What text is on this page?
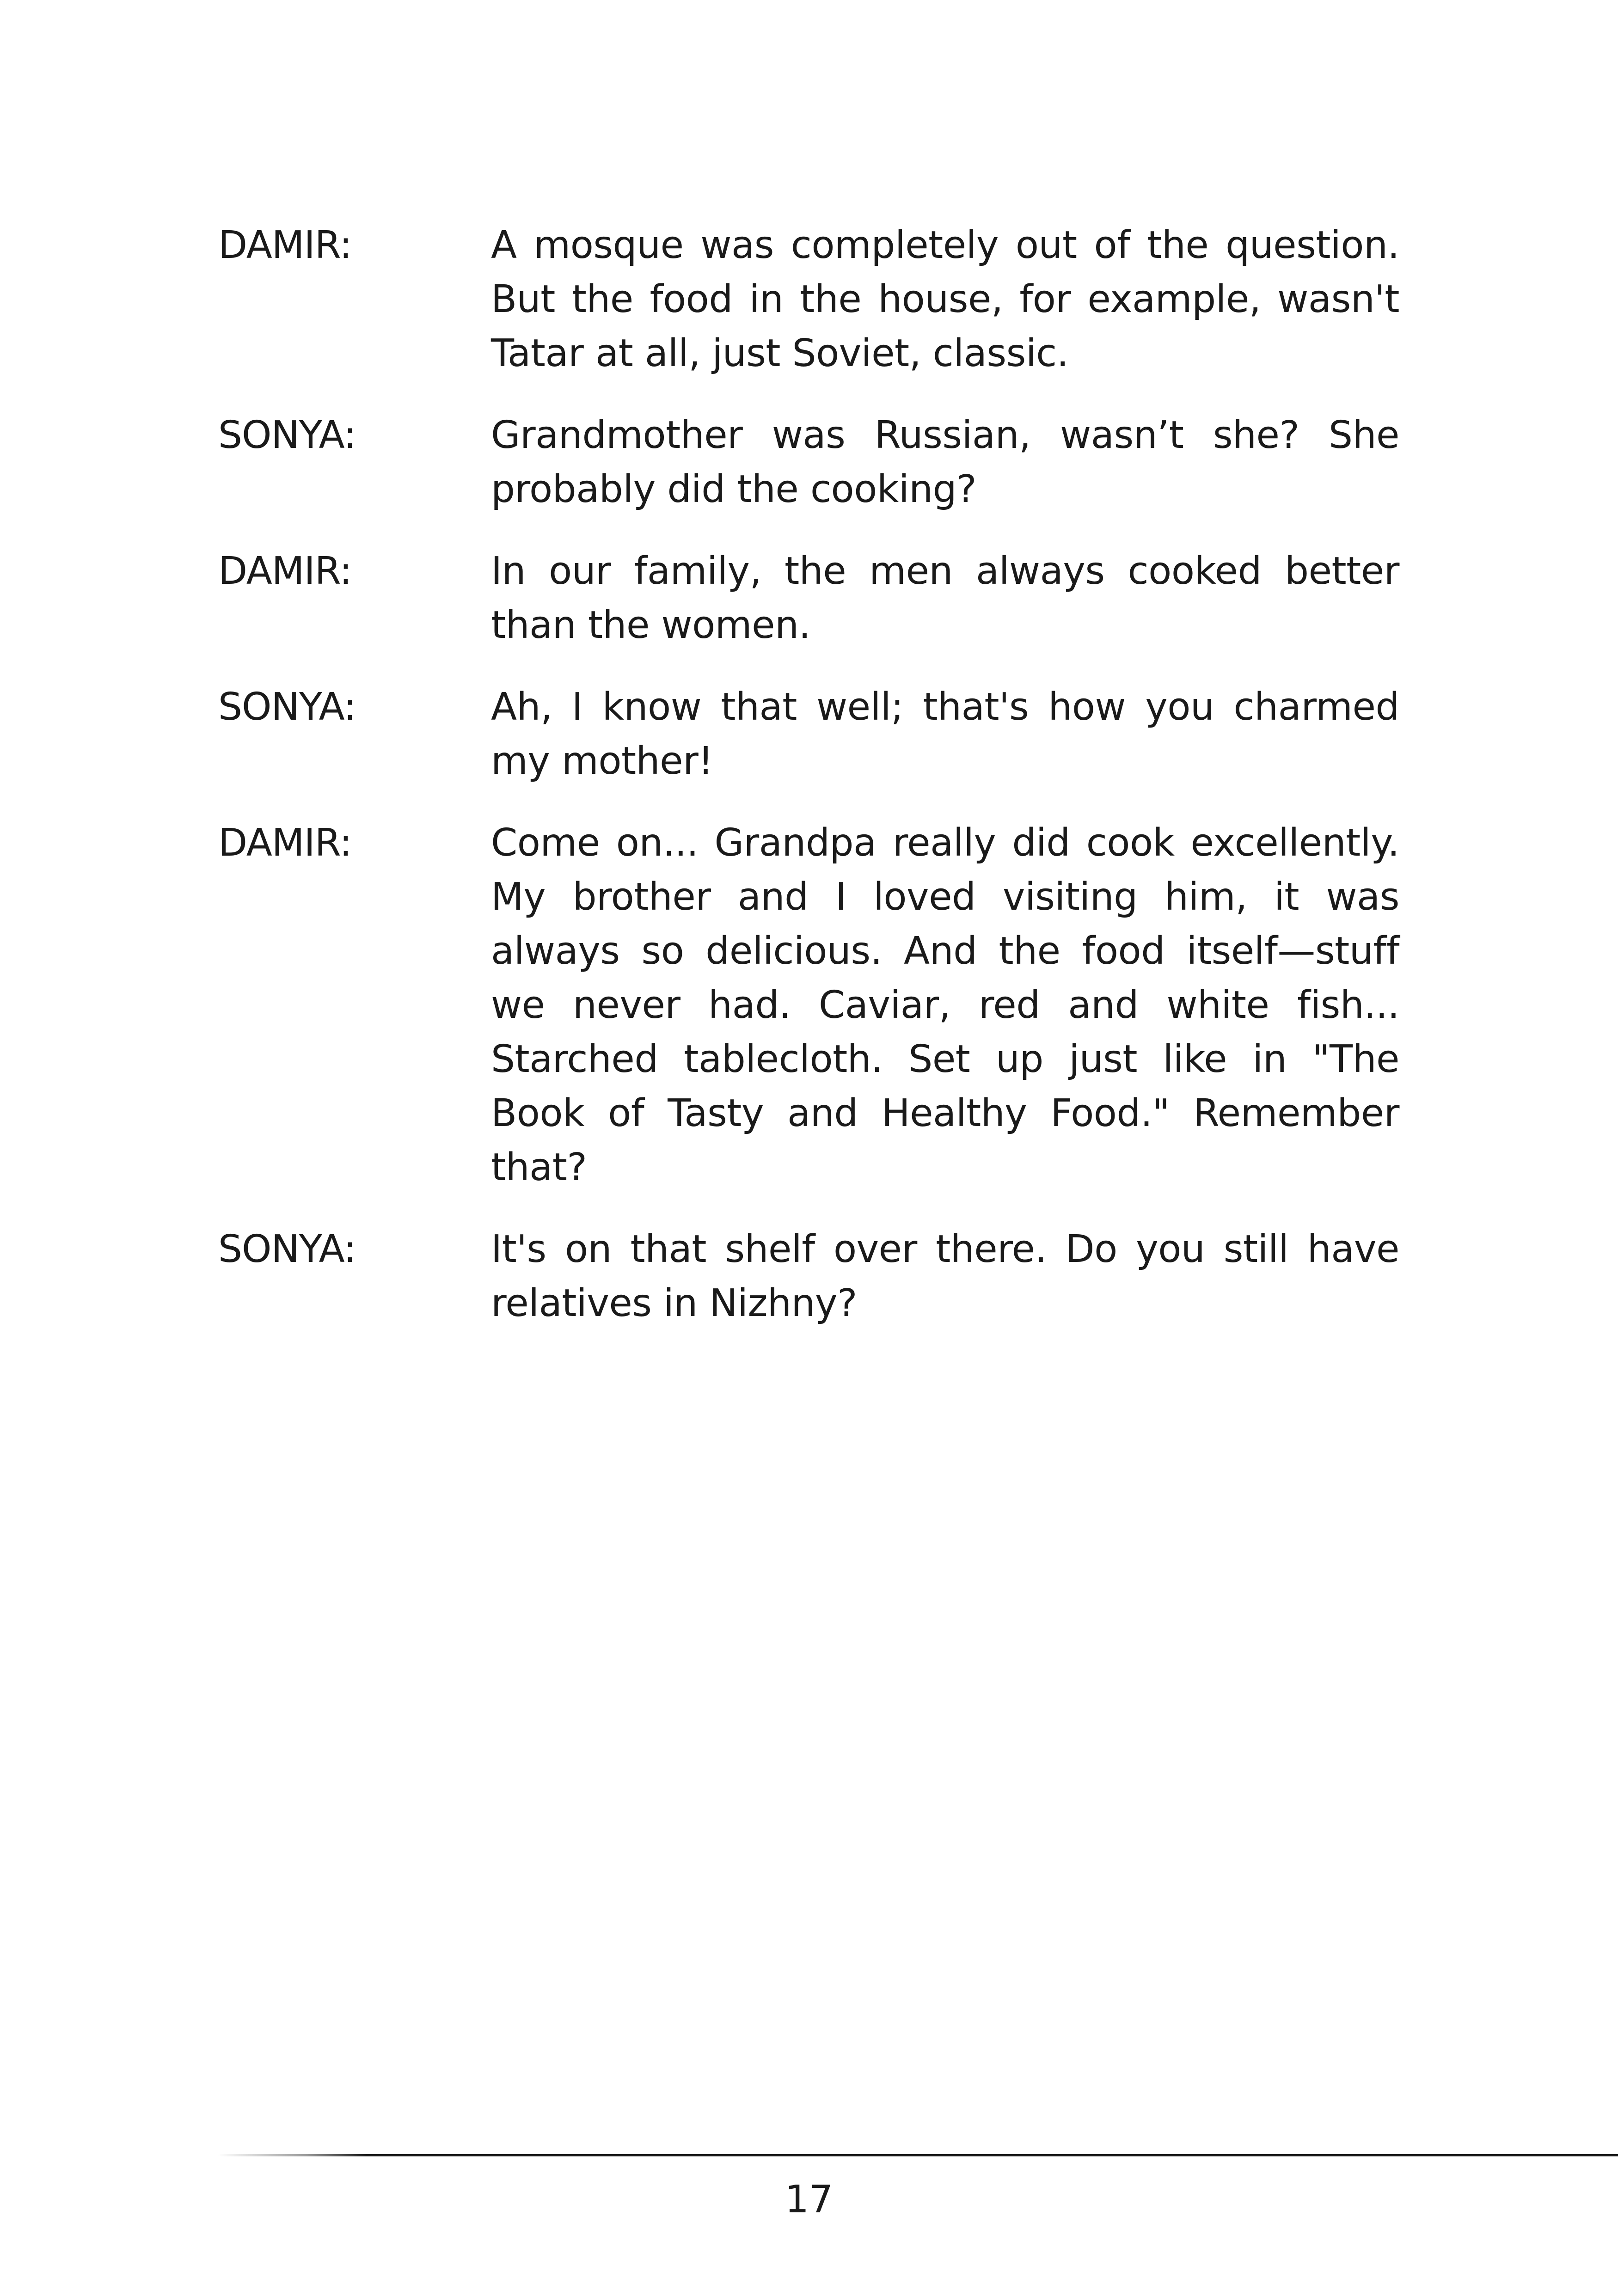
DAMIR:	A mosque was completely out of the question. But the food in the house, for example, wasn't Tatar at all, just Soviet, classic.
SONYA:	Grandmother was Russian, wasn’t she? She probably did the cooking?
DAMIR:	In our family, the men always cooked better than the women.
SONYA:	Ah, I know that well; that's how you charmed my mother!
DAMIR:	Come on... Grandpa really did cook excellently. My brother and I loved visiting him, it was always so delicious. And the food itself—stuff we never had. Caviar, red and white fish... Starched tablecloth. Set up just like in "The Book of Tasty and Healthy Food." Remember that?
SONYA:	It's on that shelf over there. Do you still have relatives in Nizhny?
17
